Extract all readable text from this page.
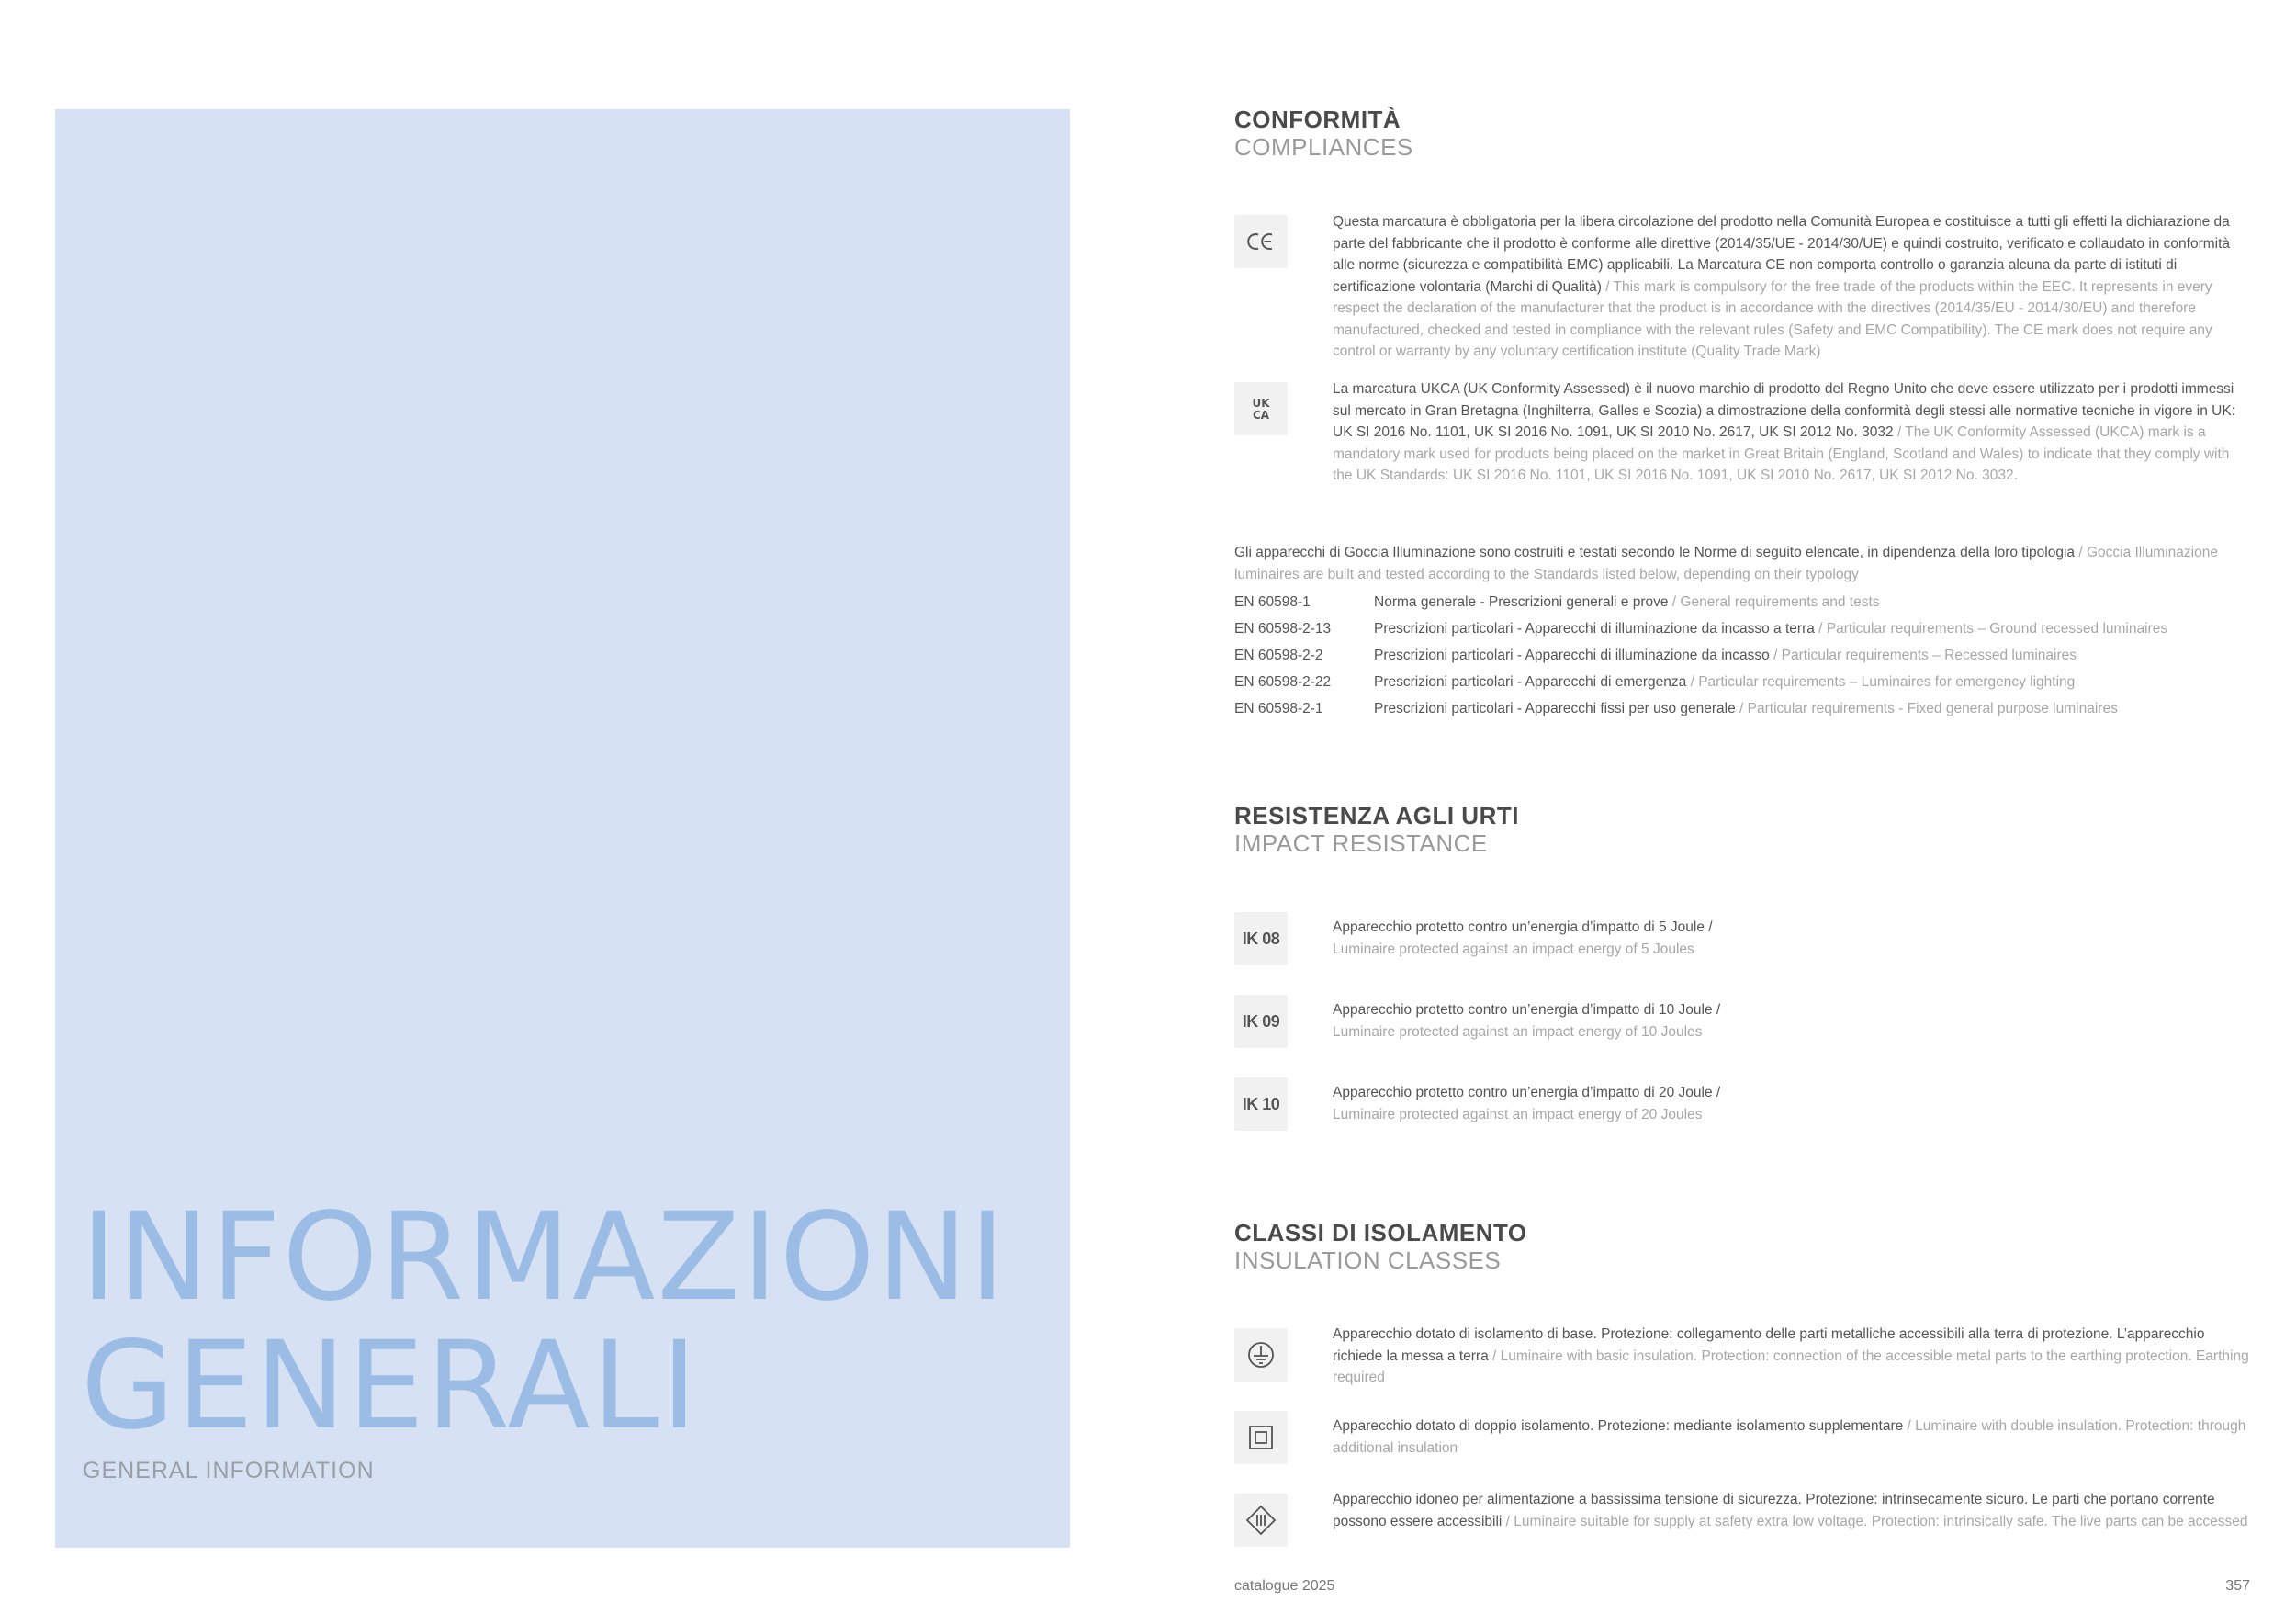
INFORMAZIONI
GENERALI
GENERAL INFORMATION
CONFORMITÀ
COMPLIANCES
Questa marcatura è obbligatoria per la libera circolazione del prodotto nella Comunità Europea e costituisce a tutti gli effetti la dichiarazione da parte del fabbricante che il prodotto è conforme alle direttive (2014/35/UE - 2014/30/UE) e quindi costruito, verificato e collaudato in conformità alle norme (sicurezza e compatibilità EMC) applicabili. La Marcatura CE non comporta controllo o garanzia alcuna da parte di istituti di certificazione volontaria (Marchi di Qualità) / This mark is compulsory for the free trade of the products within the EEC. It represents in every respect the declaration of the manufacturer that the product is in accordance with the directives (2014/35/EU - 2014/30/EU) and therefore manufactured, checked and tested in compliance with the relevant rules (Safety and EMC Compatibility). The CE mark does not require any control or warranty by any voluntary certification institute (Quality Trade Mark)
UK
CA
La marcatura UKCA (UK Conformity Assessed) è il nuovo marchio di prodotto del Regno Unito che deve essere utilizzato per i prodotti immessi sul mercato in Gran Bretagna (Inghilterra, Galles e Scozia) a dimostrazione della conformità degli stessi alle normative tecniche in vigore in UK: UK SI 2016 No. 1101, UK SI 2016 No. 1091, UK SI 2010 No. 2617, UK SI 2012 No. 3032 / The UK Conformity Assessed (UKCA) mark is a mandatory mark used for products being placed on the market in Great Britain (England, Scotland and Wales) to indicate that they comply with the UK Standards: UK SI 2016 No. 1101, UK SI 2016 No. 1091, UK SI 2010 No. 2617, UK SI 2012 No. 3032.
Gli apparecchi di Goccia Illuminazione sono costruiti e testati secondo le Norme di seguito elencate, in dipendenza della loro tipologia / Goccia Illuminazione luminaires are built and tested according to the Standards listed below, depending on their typology
EN 60598-1	Norma generale - Prescrizioni generali e prove / General requirements and tests
EN 60598-2-13	Prescrizioni particolari - Apparecchi di illuminazione da incasso a terra / Particular requirements – Ground recessed luminaires
EN 60598-2-2	Prescrizioni particolari - Apparecchi di illuminazione da incasso / Particular requirements – Recessed luminaires
EN 60598-2-22	Prescrizioni particolari - Apparecchi di emergenza / Particular requirements – Luminaires for emergency lighting
EN 60598-2-1	Prescrizioni particolari - Apparecchi fissi per uso generale / Particular requirements - Fixed general purpose luminaires
RESISTENZA AGLI URTI
IMPACT RESISTANCE
IK 08
Apparecchio protetto contro un’energia d’impatto di 5 Joule /
Luminaire protected against an impact energy of 5 Joules
IK 09
Apparecchio protetto contro un’energia d’impatto di 10 Joule /
Luminaire protected against an impact energy of 10 Joules
IK 10
Apparecchio protetto contro un’energia d’impatto di 20 Joule /
Luminaire protected against an impact energy of 20 Joules
CLASSI DI ISOLAMENTO
INSULATION CLASSES
Apparecchio dotato di isolamento di base. Protezione: collegamento delle parti metalliche accessibili alla terra di protezione. L’apparecchio richiede la messa a terra / Luminaire with basic insulation. Protection: connection of the accessible metal parts to the earthing protection. Earthing required
Apparecchio dotato di doppio isolamento. Protezione: mediante isolamento supplementare / Luminaire with double insulation. Protection: through additional insulation
Apparecchio idoneo per alimentazione a bassissima tensione di sicurezza. Protezione: intrinsecamente sicuro. Le parti che portano corrente possono essere accessibili / Luminaire suitable for supply at safety extra low voltage. Protection: intrinsically safe. The live parts can be accessed
catalogue 2025	357
